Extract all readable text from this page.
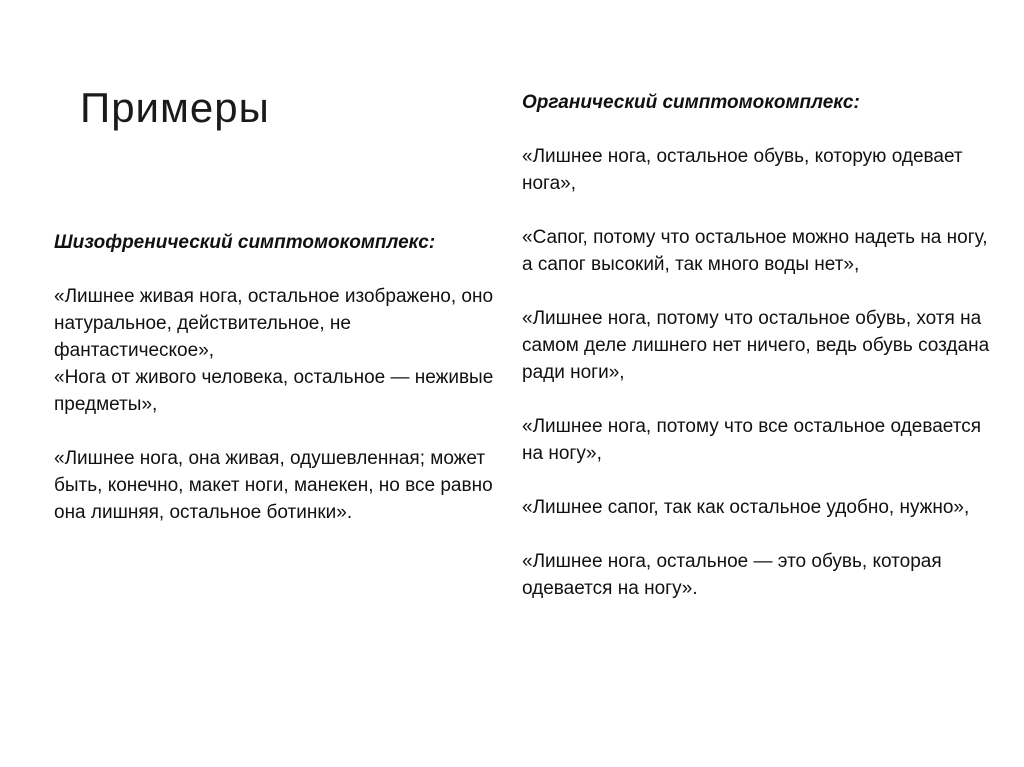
Примеры

Шизофренический симптомокомплекс:

«Лишнее живая нога, остальное изображено, оно натуральное, действительное, не фантастическое»,

«Нога от живого человека, остальное — неживые предметы»,

«Лишнее нога, она живая, одушевленная; может быть, конечно, макет ноги, манекен, но все равно она лишняя, остальное ботинки».

Органический симптомокомплекс:

«Лишнее нога, остальное обувь, которую одевает нога»,

«Сапог, потому что остальное можно надеть на ногу, а сапог высокий, так много воды нет»,

«Лишнее нога, потому что остальное обувь, хотя на самом деле лишнего нет ничего, ведь обувь создана ради ноги»,

«Лишнее нога, потому что все остальное одевается на ногу»,

«Лишнее сапог, так как остальное удобно, нужно»,

«Лишнее нога, остальное — это обувь, которая одевается на ногу».
